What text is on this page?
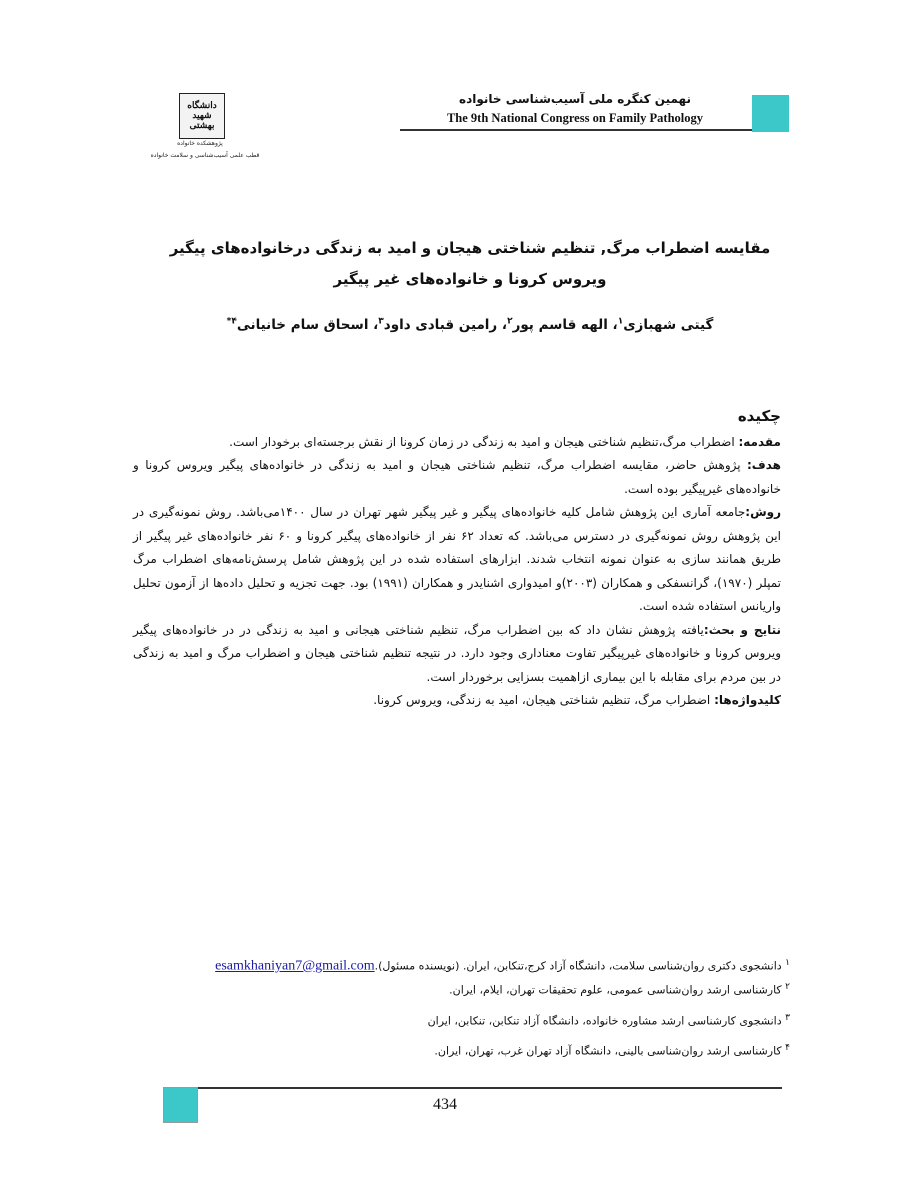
دانشگاه شهید بهشتی
پژوهشکده خانواده
قطب علمی آسیب‌شناسی و سلامت خانواده
نهمین کنگره ملی آسیب‌شناسی خانواده
The 9th National Congress on Family Pathology
مقایسه اضطراب مرگ, تنظیم شناختی هیجان و امید به زندگی درخانواده‌های پیگیر
ویروس کرونا و خانواده‌های غیر پیگیر
گیتی شهبازی$^۱$، الهه قاسم پور$^۲$، رامین قبادی داود$^۳$، اسحاق سام خانیانی$^{۴*}$
چکیده

مقدمه: اضطراب مرگ،تنظیم شناختی هیجان و امید به زندگی در زمان کرونا از نقش برجسته‌ای برخودار است.

هدف: پژوهش حاضر، مقایسه اضطراب مرگ، تنظیم شناختی هیجان و امید به زندگی در خانواده‌های پیگیر ویروس کرونا و خانواده‌های غیرپیگیر بوده است.

روش:جامعه آماری این پژوهش شامل کلیه خانواده‌های پیگیر و غیر پیگیر شهر تهران در سال ۱۴۰۰می‌باشد. روش نمونه‌گیری در این پژوهش روش نمونه‌گیری در دسترس می‌باشد. که تعداد ۶۲ نفر از خانواده‌های پیگیر کرونا و ۶۰ نفر خانواده‌های غیر پیگیر از طریق همانند سازی به عنوان نمونه انتخاب شدند. ابزارهای استفاده شده در این پژوهش شامل پرسش‌نامه‌های اضطراب مرگ تمپلر (۱۹۷۰)، گرانسفکی و همکاران (۲۰۰۳)و امیدواری اشنایدر و همکاران (۱۹۹۱) بود. جهت تجزیه و تحلیل داده‌ها از آزمون تحلیل واریانس استفاده شده است.

نتایج و بحث:یافته پژوهش نشان داد که بین اضطراب مرگ، تنظیم شناختی هیجانی و امید به زندگی در در خانواده‌های پیگیر ویروس کرونا و خانواده‌های غیرپیگیر تفاوت معناداری وجود دارد. در نتیجه تنظیم شناختی هیجان و اضطراب مرگ و امید به زندگی در بین مردم برای مقابله با این بیماری ازاهمیت بسزایی برخوردار است.

کلیدواژه‌ها: اضطراب مرگ، تنظیم شناختی هیجان، امید به زندگی، ویروس کرونا.

$^۱$ دانشجوی دکتری روان‌شناسی سلامت، دانشگاه آزاد کرج،تنکابن، ایران. (نویسنده مسئول).esamkhaniyan7@gmail.com
$^۲$ کارشناسی ارشد روان‌شناسی عمومی، علوم تحقیقات تهران، ایلام، ایران.
$^۳$ دانشجوی کارشناسی ارشد مشاوره خانواده، دانشگاه آزاد تنکابن، تنکابن، ایران
$^۴$ کارشناسی ارشد روان‌شناسی بالینی، دانشگاه آزاد تهران غرب، تهران، ایران.
434
